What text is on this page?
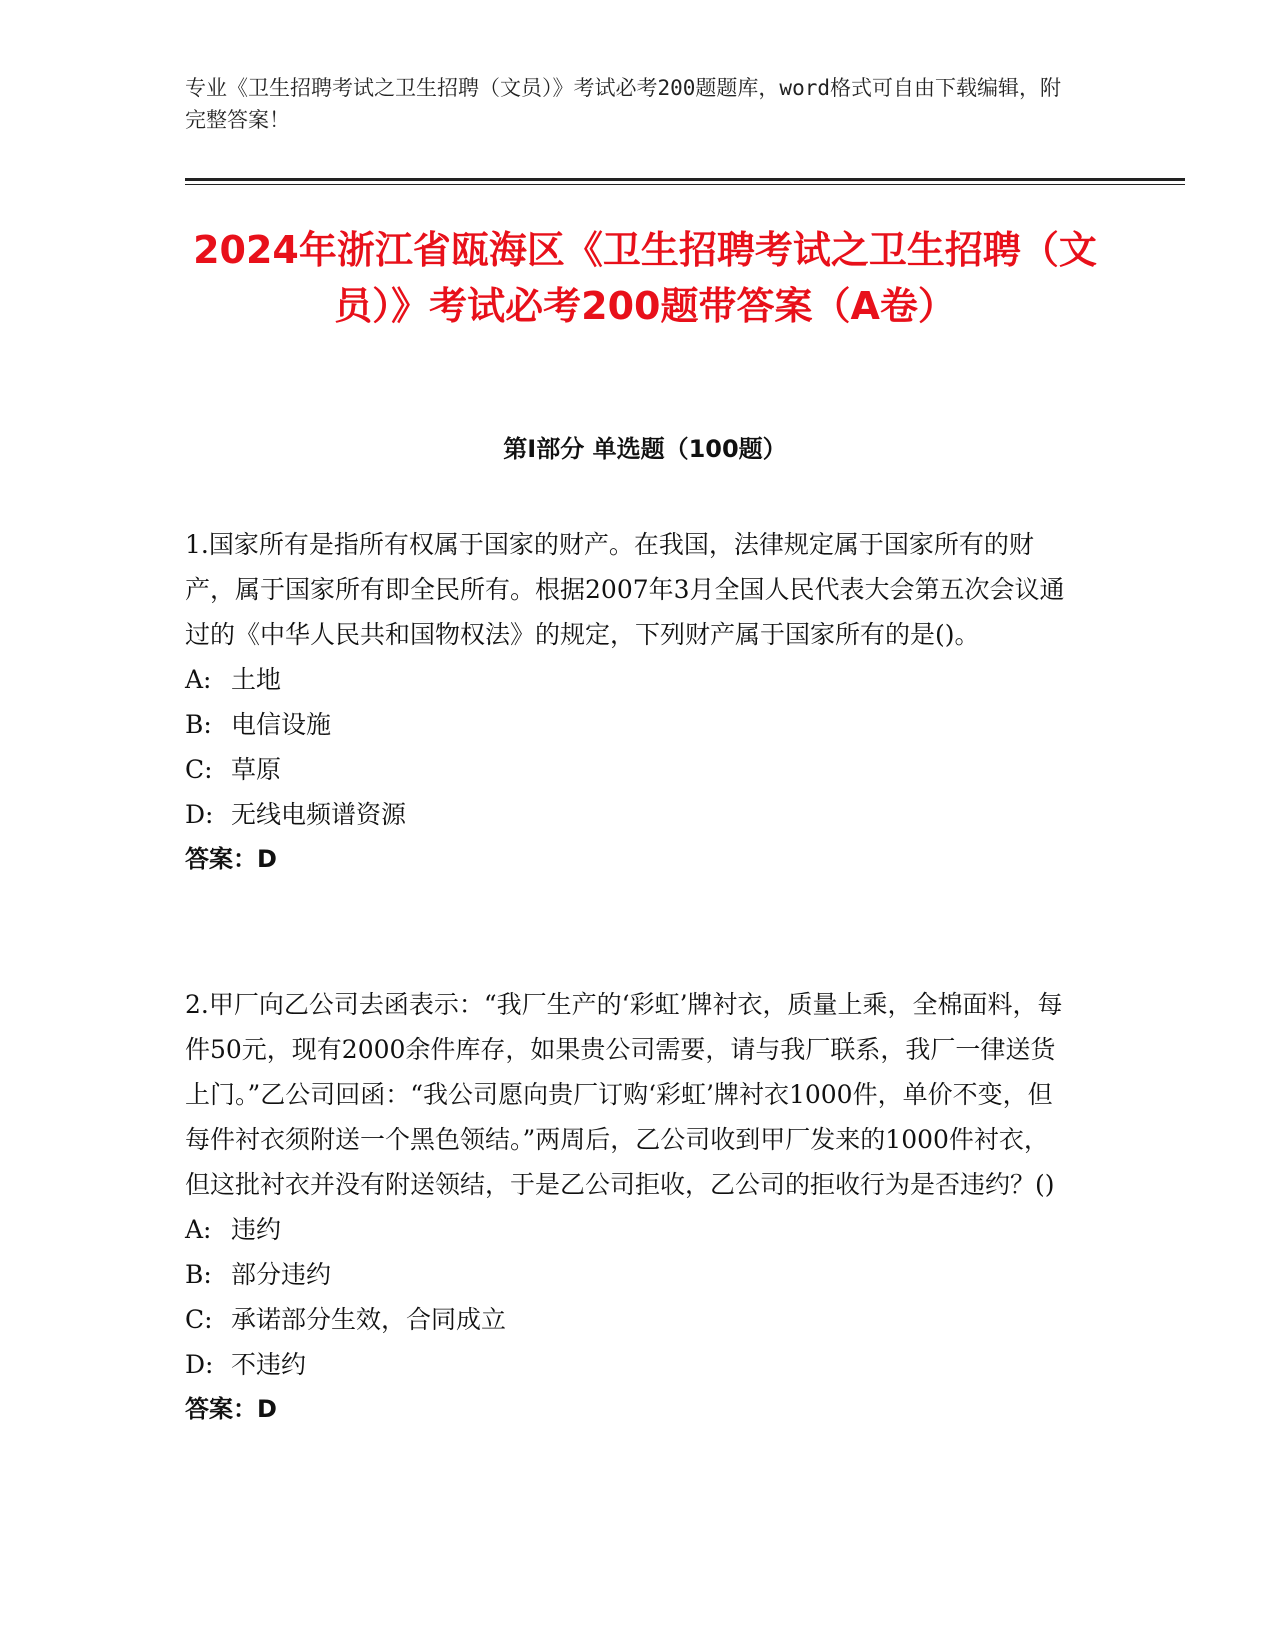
专业《卫生招聘考试之卫生招聘（文员）》考试必考200题题库，word格式可自由下载编辑，附完整答案！
2024年浙江省瓯海区《卫生招聘考试之卫生招聘（文员）》考试必考200题带答案（A卷）
第I部分 单选题（100题）

1.国家所有是指所有权属于国家的财产。在我国，法律规定属于国家所有的财产，属于国家所有即全民所有。根据2007年3月全国人民代表大会第五次会议通过的《中华人民共和国物权法》的规定，下列财产属于国家所有的是()。

A: 土地

B: 电信设施

C: 草原

D: 无线电频谱资源

答案：D

2.甲厂向乙公司去函表示：“我厂生产的‘彩虹’牌衬衣，质量上乘，全棉面料，每件50元，现有2000余件库存，如果贵公司需要，请与我厂联系，我厂一律送货上门。”乙公司回函：“我公司愿向贵厂订购‘彩虹’牌衬衣1000件，单价不变，但每件衬衣须附送一个黑色领结。”两周后，乙公司收到甲厂发来的1000件衬衣，但这批衬衣并没有附送领结，于是乙公司拒收，乙公司的拒收行为是否违约？()

A: 违约

B: 部分违约

C: 承诺部分生效，合同成立

D: 不违约

答案：D
